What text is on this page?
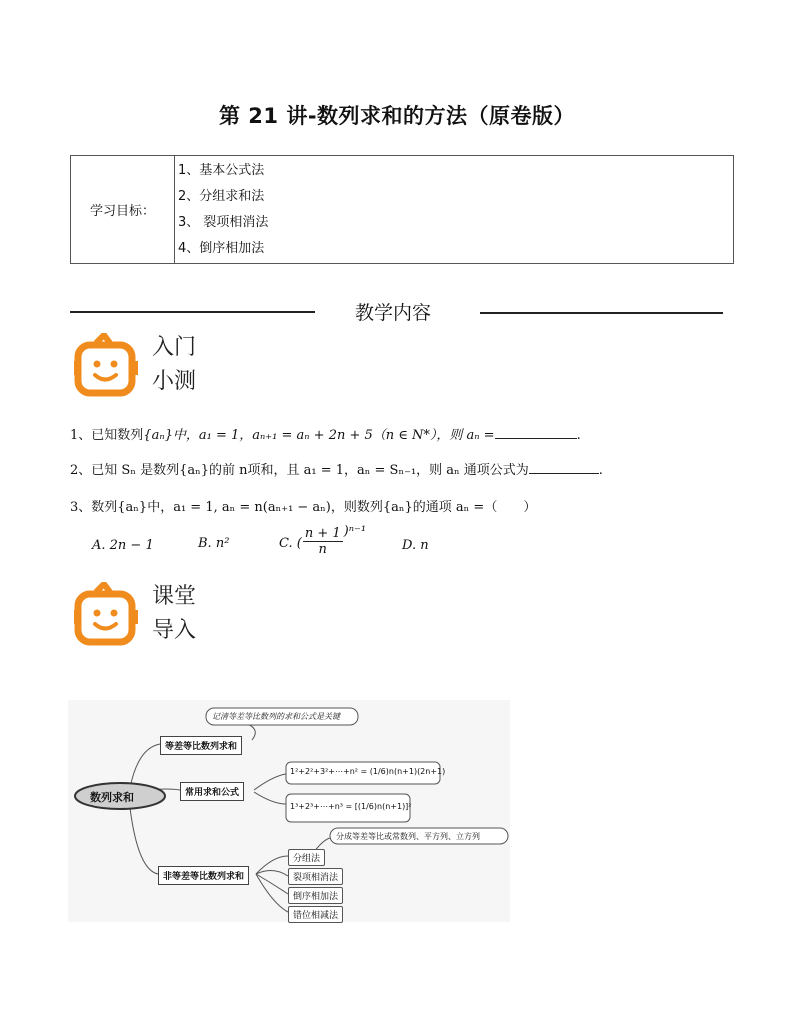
第 21 讲-数列求和的方法（原卷版）
学习目标：	
1、基本公式法
2、分组求和法
3、 裂项相消法
4、倒序相加法
教学内容
入门
小测
1、已知数列{aₙ}中，a₁ = 1，aₙ₊₁ = aₙ + 2n + 5（n ∈ N*），则 aₙ =	.
2、已知 Sₙ 是数列{aₙ}的前 n项和，且 a₁ = 1，aₙ = Sₙ₋₁，则 aₙ 通项公式为	.
3、数列{aₙ}中，a₁ = 1, aₙ = n(aₙ₊₁ − aₙ)，则数列{aₙ}的通项 aₙ =（　　）
A. 2n − 1	B. n²	C. ( $\frac{n + 1}{n} )^{n-1}$
D. n
课堂
导入
数列求和
等差等比数列求和
记清等差等比数列的求和公式是关键
常用求和公式
1²+2²+3²+⋯+n² = (1/6)n(n+1)(2n+1)
1³+2³+⋯+n³ = [(1/6)n(n+1)]²
非等差等比数列求和
分成等差等比或常数列、平方列、立方列
分组法
裂项相消法
倒序相加法
错位相减法
